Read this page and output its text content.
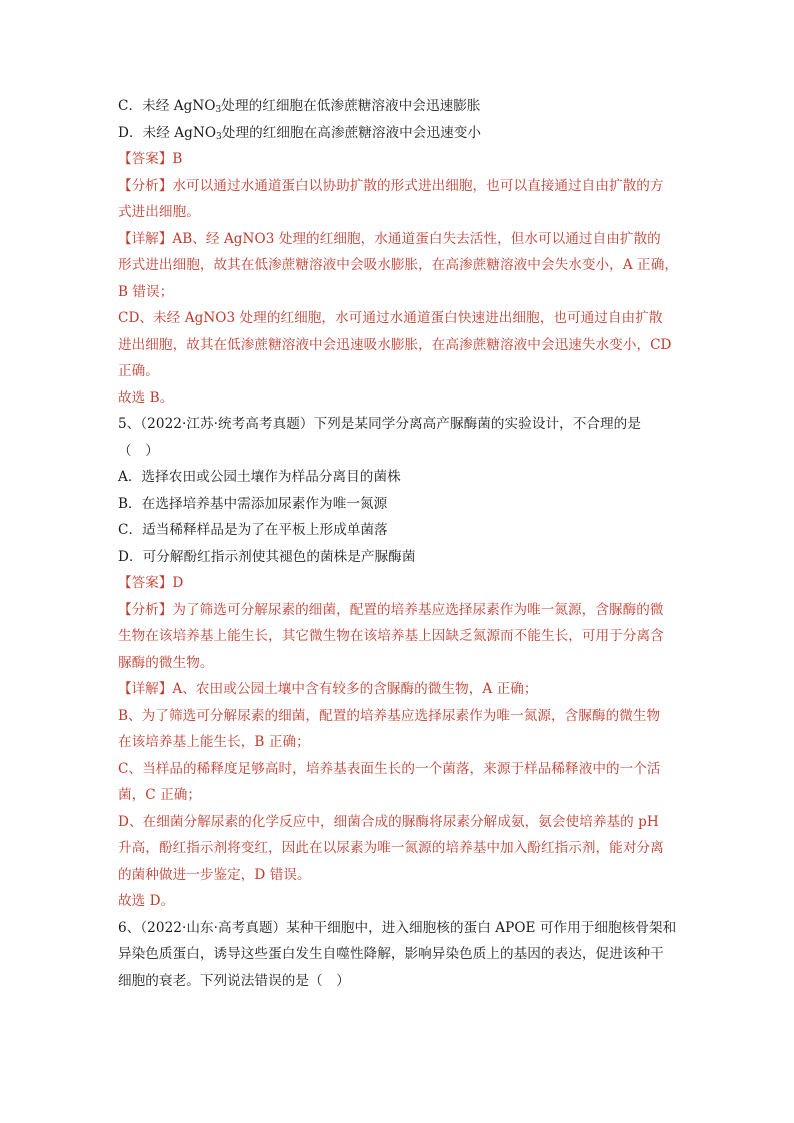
C．未经 AgNO$_3$处理的红细胞在低渗蔗糖溶液中会迅速膨胀
D．未经 AgNO$_3$处理的红细胞在高渗蔗糖溶液中会迅速变小
【答案】B
【分析】水可以通过水通道蛋白以协助扩散的形式进出细胞，也可以直接通过自由扩散的方
式进出细胞。
【详解】AB、经 AgNO3 处理的红细胞，水通道蛋白失去活性，但水可以通过自由扩散的
形式进出细胞，故其在低渗蔗糖溶液中会吸水膨胀，在高渗蔗糖溶液中会失水变小，A 正确，
B 错误；
CD、未经 AgNO3 处理的红细胞，水可通过水通道蛋白快速进出细胞，也可通过自由扩散
进出细胞，故其在低渗蔗糖溶液中会迅速吸水膨胀，在高渗蔗糖溶液中会迅速失水变小，CD
正确。
故选 B。
5、（2022·江苏·统考高考真题）下列是某同学分离高产脲酶菌的实验设计，不合理的是
（　）
A．选择农田或公园土壤作为样品分离目的菌株
B．在选择培养基中需添加尿素作为唯一氮源
C．适当稀释样品是为了在平板上形成单菌落
D．可分解酚红指示剂使其褪色的菌株是产脲酶菌
【答案】D
【分析】为了筛选可分解尿素的细菌，配置的培养基应选择尿素作为唯一氮源，含脲酶的微
生物在该培养基上能生长，其它微生物在该培养基上因缺乏氮源而不能生长，可用于分离含
脲酶的微生物。
【详解】A、农田或公园土壤中含有较多的含脲酶的微生物，A 正确；
B、为了筛选可分解尿素的细菌，配置的培养基应选择尿素作为唯一氮源，含脲酶的微生物
在该培养基上能生长，B 正确；
C、当样品的稀释度足够高时，培养基表面生长的一个菌落，来源于样品稀释液中的一个活
菌，C 正确；
D、在细菌分解尿素的化学反应中，细菌合成的脲酶将尿素分解成氨，氨会使培养基的 pH
升高，酚红指示剂将变红，因此在以尿素为唯一氮源的培养基中加入酚红指示剂，能对分离
的菌种做进一步鉴定，D 错误。
故选 D。
6、（2022·山东·高考真题）某种干细胞中，进入细胞核的蛋白 APOE 可作用于细胞核骨架和
异染色质蛋白，诱导这些蛋白发生自噬性降解，影响异染色质上的基因的表达，促进该种干
细胞的衰老。下列说法错误的是（　）
